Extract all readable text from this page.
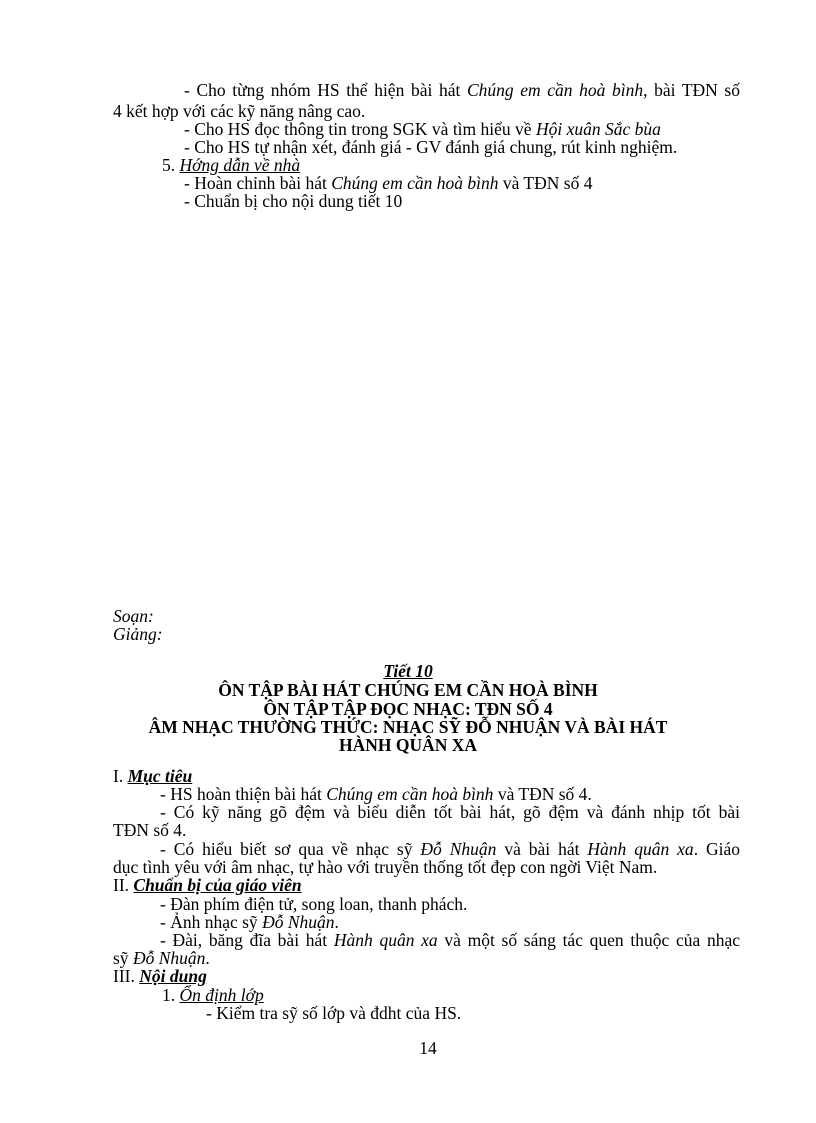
- Cho từng nhóm HS thể hiện bài hát Chúng em cần hoà bình, bài TĐN số
4 kết hợp với các kỹ năng nâng cao.
- Cho HS đọc thông tin trong SGK và tìm hiểu về Hội xuân Sắc bùa
- Cho HS tự nhận xét, đánh giá - GV đánh giá chung, rút kinh nghiệm.
5. Hớng dẫn về nhà
- Hoàn chỉnh bài hát Chúng em cần hoà bình và TĐN số 4
- Chuẩn bị cho nội dung tiết 10
Soạn:
Giảng:
Tiết 10
ÔN TẬP BÀI HÁT CHÚNG EM CẦN HOÀ BÌNH
ÔN TẬP TẬP ĐỌC NHẠC: TĐN SỐ 4
ÂM NHẠC THƯỜNG THỨC: NHẠC SỸ ĐỖ NHUẬN VÀ BÀI HÁT
HÀNH QUÂN XA
I. Mục tiêu
- HS hoàn thiện bài hát Chúng em cần hoà bình và TĐN số 4.
- Có kỹ năng gõ đệm và biểu diễn tốt bài hát, gõ đệm và đánh nhịp tốt bài
TĐN số 4.
- Có hiểu biết sơ qua về nhạc sỹ Đỗ Nhuận và bài hát Hành quân xa. Giáo
dục tình yêu với âm nhạc, tự hào với truyền thống tốt đẹp con ngời Việt Nam.
II. Chuẩn bị của giáo viên
- Đàn phím điện tử, song loan, thanh phách.
- Ảnh nhạc sỹ Đỗ Nhuận.
- Đài, băng đĩa bài hát Hành quân xa và một số sáng tác quen thuộc của nhạc
sỹ Đỗ Nhuận.
III. Nội dung
1. Ổn định lớp
- Kiểm tra sỹ số lớp và đdht của HS.
14
